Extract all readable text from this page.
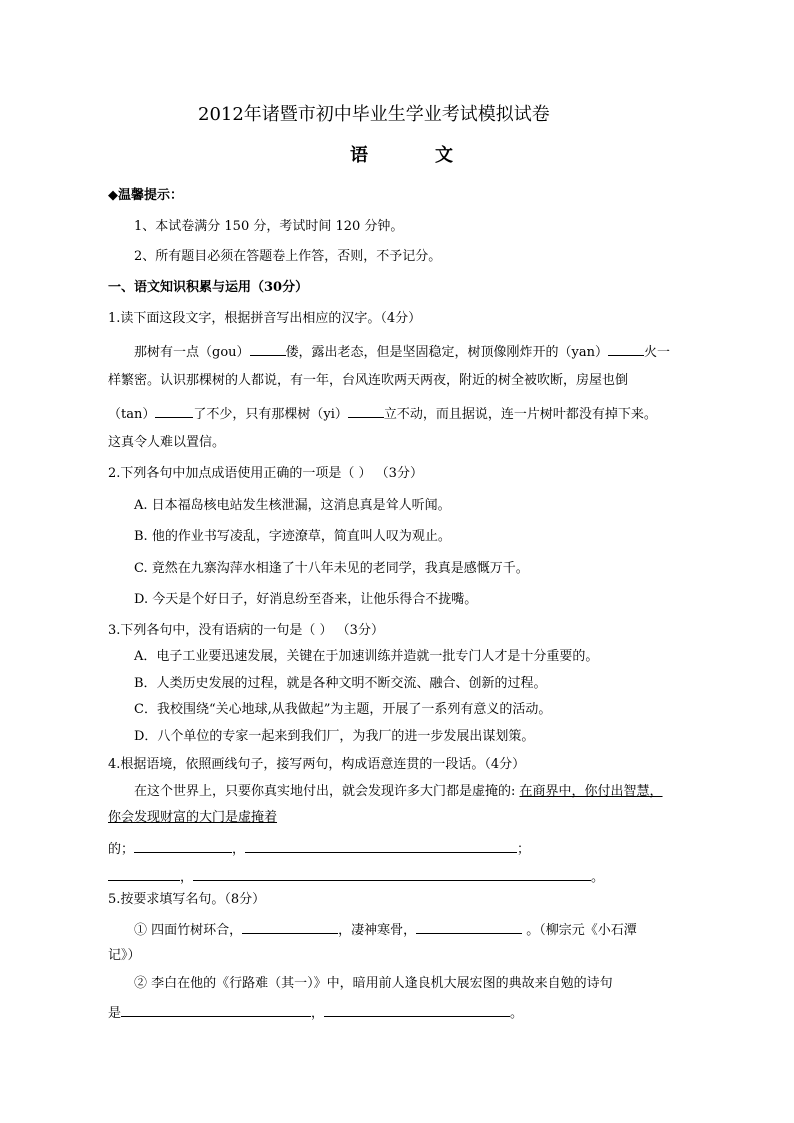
2012年诸暨市初中毕业生学业考试模拟试卷
语	文
◆温馨提示：
1、本试卷满分 150 分，考试时间 120 分钟。
2、所有题目必须在答题卷上作答，否则，不予记分。
一、语文知识积累与运用（30分）
1.读下面这段文字，根据拼音写出相应的汉字。（4分）
那树有一点（gou）	偻，露出老态，但是坚固稳定，树顶像刚炸开的（yan）	火一
样繁密。认识那棵树的人都说，有一年，台风连吹两天两夜，附近的树全被吹断，房屋也倒
（tan）	了不少，只有那棵树（yi）	立不动，而且据说，连一片树叶都没有掉下来。
这真令人难以置信。
2.下列各句中加点成语使用正确的一项是（ ） （3分）
A. 日本福岛核电站发生核泄漏，这消息真是耸人听闻。
B. 他的作业书写凌乱，字迹潦草，简直叫人叹为观止。
C. 竟然在九寨沟萍水相逢了十八年未见的老同学，我真是感慨万千。
D. 今天是个好日子，好消息纷至沓来，让他乐得合不拢嘴。
3.下列各句中，没有语病的一句是（ ） （3分）
A．电子工业要迅速发展，关键在于加速训练并造就一批专门人才是十分重要的。
B．人类历史发展的过程，就是各种文明不断交流、融合、创新的过程。
C．我校围绕“关心地球,从我做起”为主题，开展了一系列有意义的活动。
D．八个单位的专家一起来到我们厂，为我厂的进一步发展出谋划策。
4.根据语境，依照画线句子，接写两句，构成语意连贯的一段话。（4分）
在这个世界上，只要你真实地付出，就会发现许多大门都是虚掩的: 在商界中，你付出智慧，
你会发现财富的大门是虚掩着
的；	，	；
，	。
5.按要求填写名句。（8分）
① 四面竹树环合，	，凄神寒骨，	。（柳宗元《小石潭
记》）
② 李白在他的《行路难（其一）》中，暗用前人逢良机大展宏图的典故来自勉的诗句
是	，	。
